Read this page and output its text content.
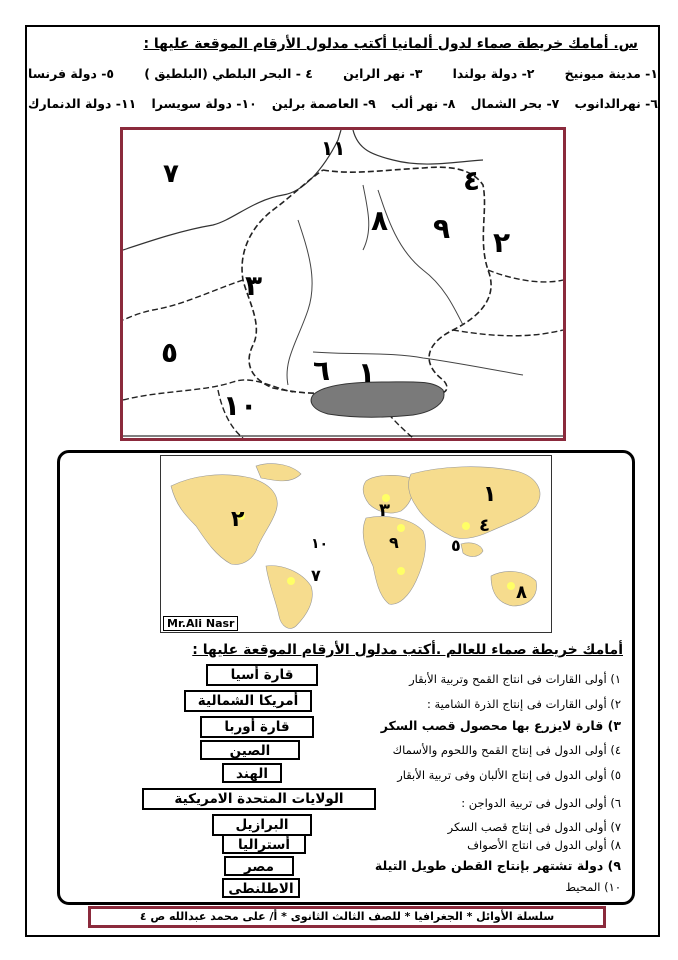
س. أمامك خريطة صماء لدول ألمانيا أكتب مدلول الأرقام الموقعة عليها :
١- مدينة ميونيخ
٢- دولة بولندا
٣- نهر الراين
٤ - البحر البلطي (البلطيق )
٥- دولة فرنسا
٦- نهرالدانوب
٧- بحر الشمال
٨- نهر ألب
٩- العاصمة برلين
١٠- دولة سويسرا
١١- دولة الدنمارك
٧
١١
٤
٨ ٩ ٢
٣
٥
٦ ١
١٠
١
٢	٣
٤
٥
٧
٨
٩
١٠
Mr.Ali Nasr
أمامك خريطة صماء للعالم .أكتب مدلول الأرقام الموقعة عليها :
١) أولى القارات فى انتاج القمح وتربية الأبقار
٢) أولى القارات فى إنتاج الذرة الشامية :
٣) قارة لايزرع بها محصول قصب السكر
٤) أولى الدول فى إنتاج القمح واللحوم والأسماك
٥) أولى الدول فى إنتاج الألبان وفى تربية الأبقار
٦) أولى الدول فى تربية الدواجن :
٧) أولى الدول فى إنتاج قصب السكر
٨) أولى الدول فى انتاج الأصواف
٩) دولة تشتهر بإنتاج القطن طويل التيلة
١٠) المحيط
قارة أسيا
أمريكا الشمالية
قارة أوربا
الصين
الهند
الولايات المتحدة الامريكية
البرازيل
أستراليا
مصر
الاطلنطى
سلسلة الأوائل * الجغرافيا * للصف الثالث الثانوى * أ/ على محمد عبدالله ص ٤
